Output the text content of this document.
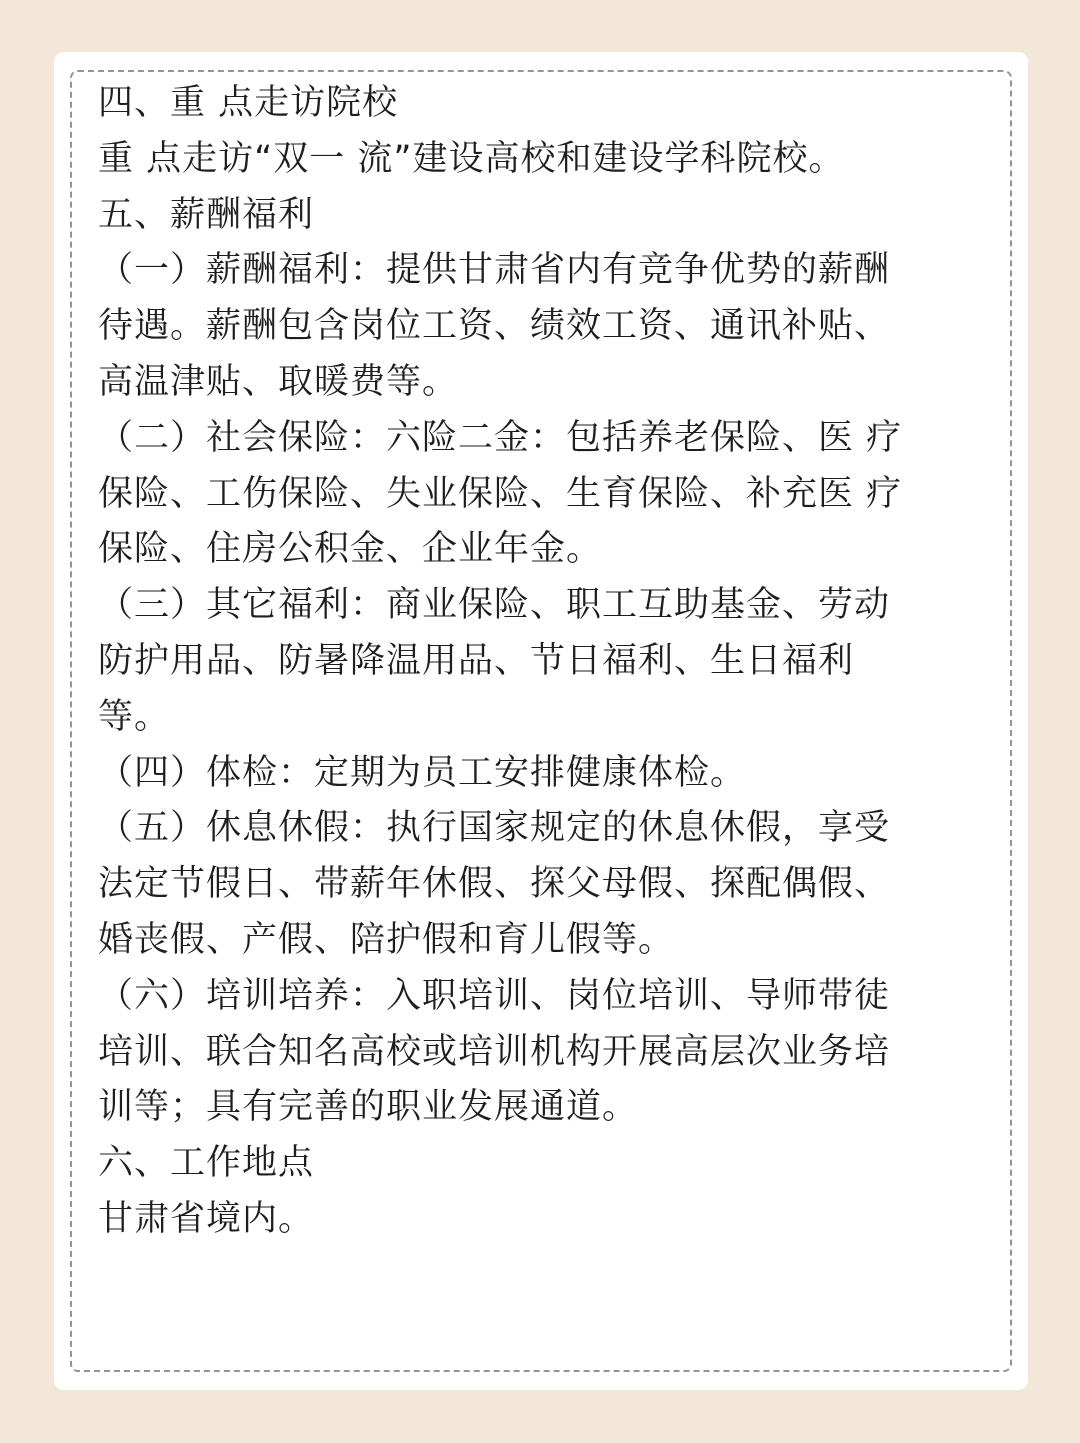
四、重 点走访院校
重 点走访“双一 流”建设高校和建设学科院校。
五、薪酬福利
（一）薪酬福利：提供甘肃省内有竞争优势的薪酬
待遇。薪酬包含岗位工资、绩效工资、通讯补贴、
高温津贴、取暖费等。
（二）社会保险：六险二金：包括养老保险、医 疗
保险、工伤保险、失业保险、生育保险、补充医 疗
保险、住房公积金、企业年金。
（三）其它福利：商业保险、职工互助基金、劳动
防护用品、防暑降温用品、节日福利、生日福利
等。
（四）体检：定期为员工安排健康体检。
（五）休息休假：执行国家规定的休息休假，享受
法定节假日、带薪年休假、探父母假、探配偶假、
婚丧假、产假、陪护假和育儿假等。
（六）培训培养：入职培训、岗位培训、导师带徒
培训、联合知名高校或培训机构开展高层次业务培
训等；具有完善的职业发展通道。
六、工作地点
甘肃省境内。
